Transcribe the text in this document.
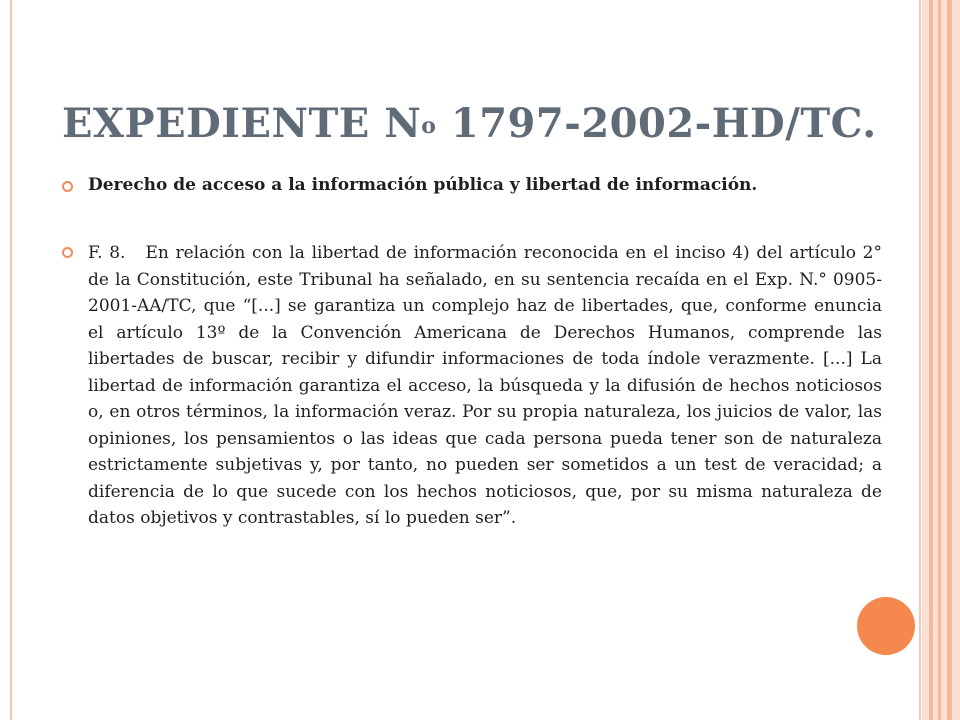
EXPEDIENTE $N^o$ 1797-2002-HD/TC.
Derecho de acceso a la información pública y libertad de información.
F. 8. En relación con la libertad de información reconocida en el inciso 4) del artículo 2° de la Constitución, este Tribunal ha señalado, en su sentencia recaída en el Exp. N.° 0905-2001-AA/TC, que “[...] se garantiza un complejo haz de libertades, que, conforme enuncia el artículo 13º de la Convención Americana de Derechos Humanos, comprende las libertades de buscar, recibir y difundir informaciones de toda índole verazmente. [...] La libertad de información garantiza el acceso, la búsqueda y la difusión de hechos noticiosos o, en otros términos, la información veraz. Por su propia naturaleza, los juicios de valor, las opiniones, los pensamientos o las ideas que cada persona pueda tener son de naturaleza estrictamente subjetivas y, por tanto, no pueden ser sometidos a un test de veracidad; a diferencia de lo que sucede con los hechos noticiosos, que, por su misma naturaleza de datos objetivos y contrastables, sí lo pueden ser”.
